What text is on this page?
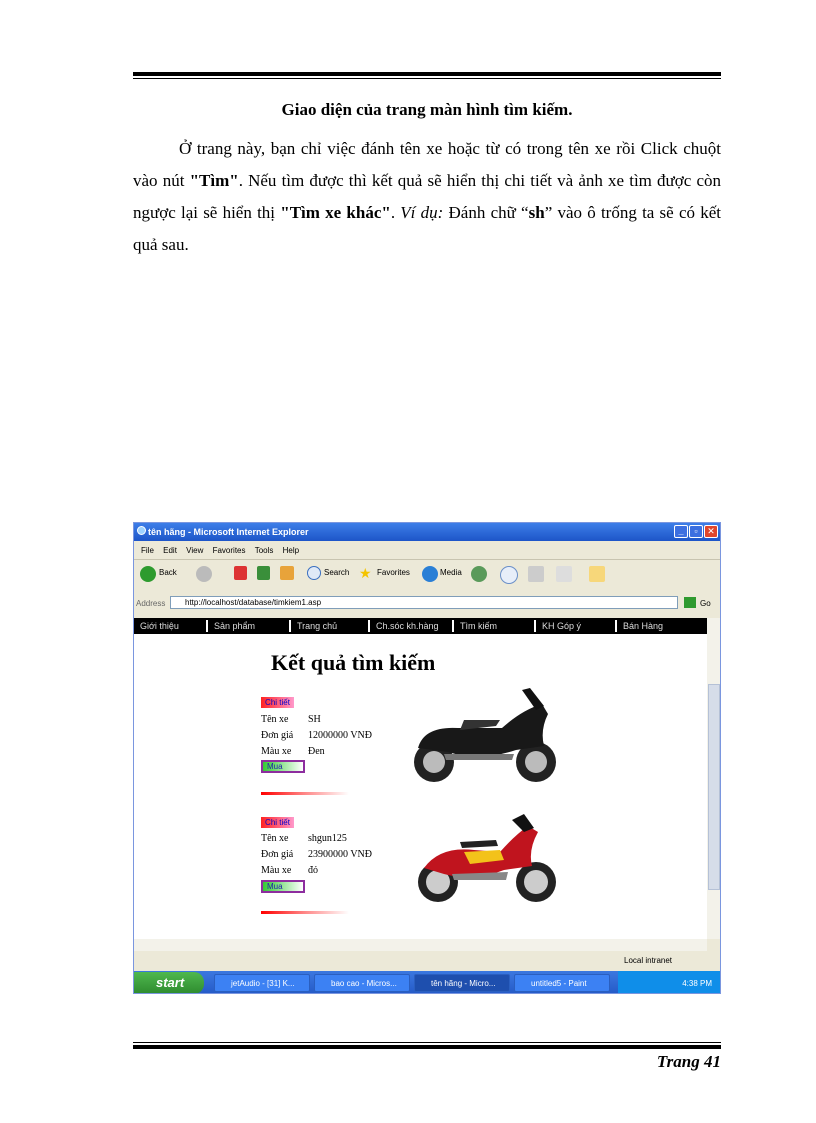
Giao diện của trang màn hình tìm kiếm.
Ở trang này, bạn chỉ việc đánh tên xe hoặc từ có trong tên xe rồi Click chuột vào nút "Tìm". Nếu tìm được thì kết quả sẽ hiển thị chi tiết và ảnh xe tìm được còn ngược lại sẽ hiển thị "Tìm xe khác". Ví dụ: Đánh chữ “sh” vào ô trống ta sẽ có kết quả sau.
tên hãng - Microsoft Internet Explorer	_	▫	✕
File Edit View Favorites Tools Help
Back	Search ★ Favorites	Media
Address	http://localhost/database/timkiem1.asp	Go
Giới thiệu	Sản phẩm	Trang chủ	Ch.sóc kh.hàng	Tìm kiếm	KH Góp ý	Bán Hàng
Kết quả tìm kiếm
Chi tiết
Tên xe SH
Đơn giá 12000000 VNĐ
Màu xe Đen
Mua
Chi tiết
Tên xe shgun125
Đơn giá 23900000 VNĐ
Màu xe đỏ
Mua
Local intranet
start	jetAudio - [31] K...	bao cao - Micros...	tên hãng - Micro...	untitled5 - Paint	4:38 PM
Trang 41
